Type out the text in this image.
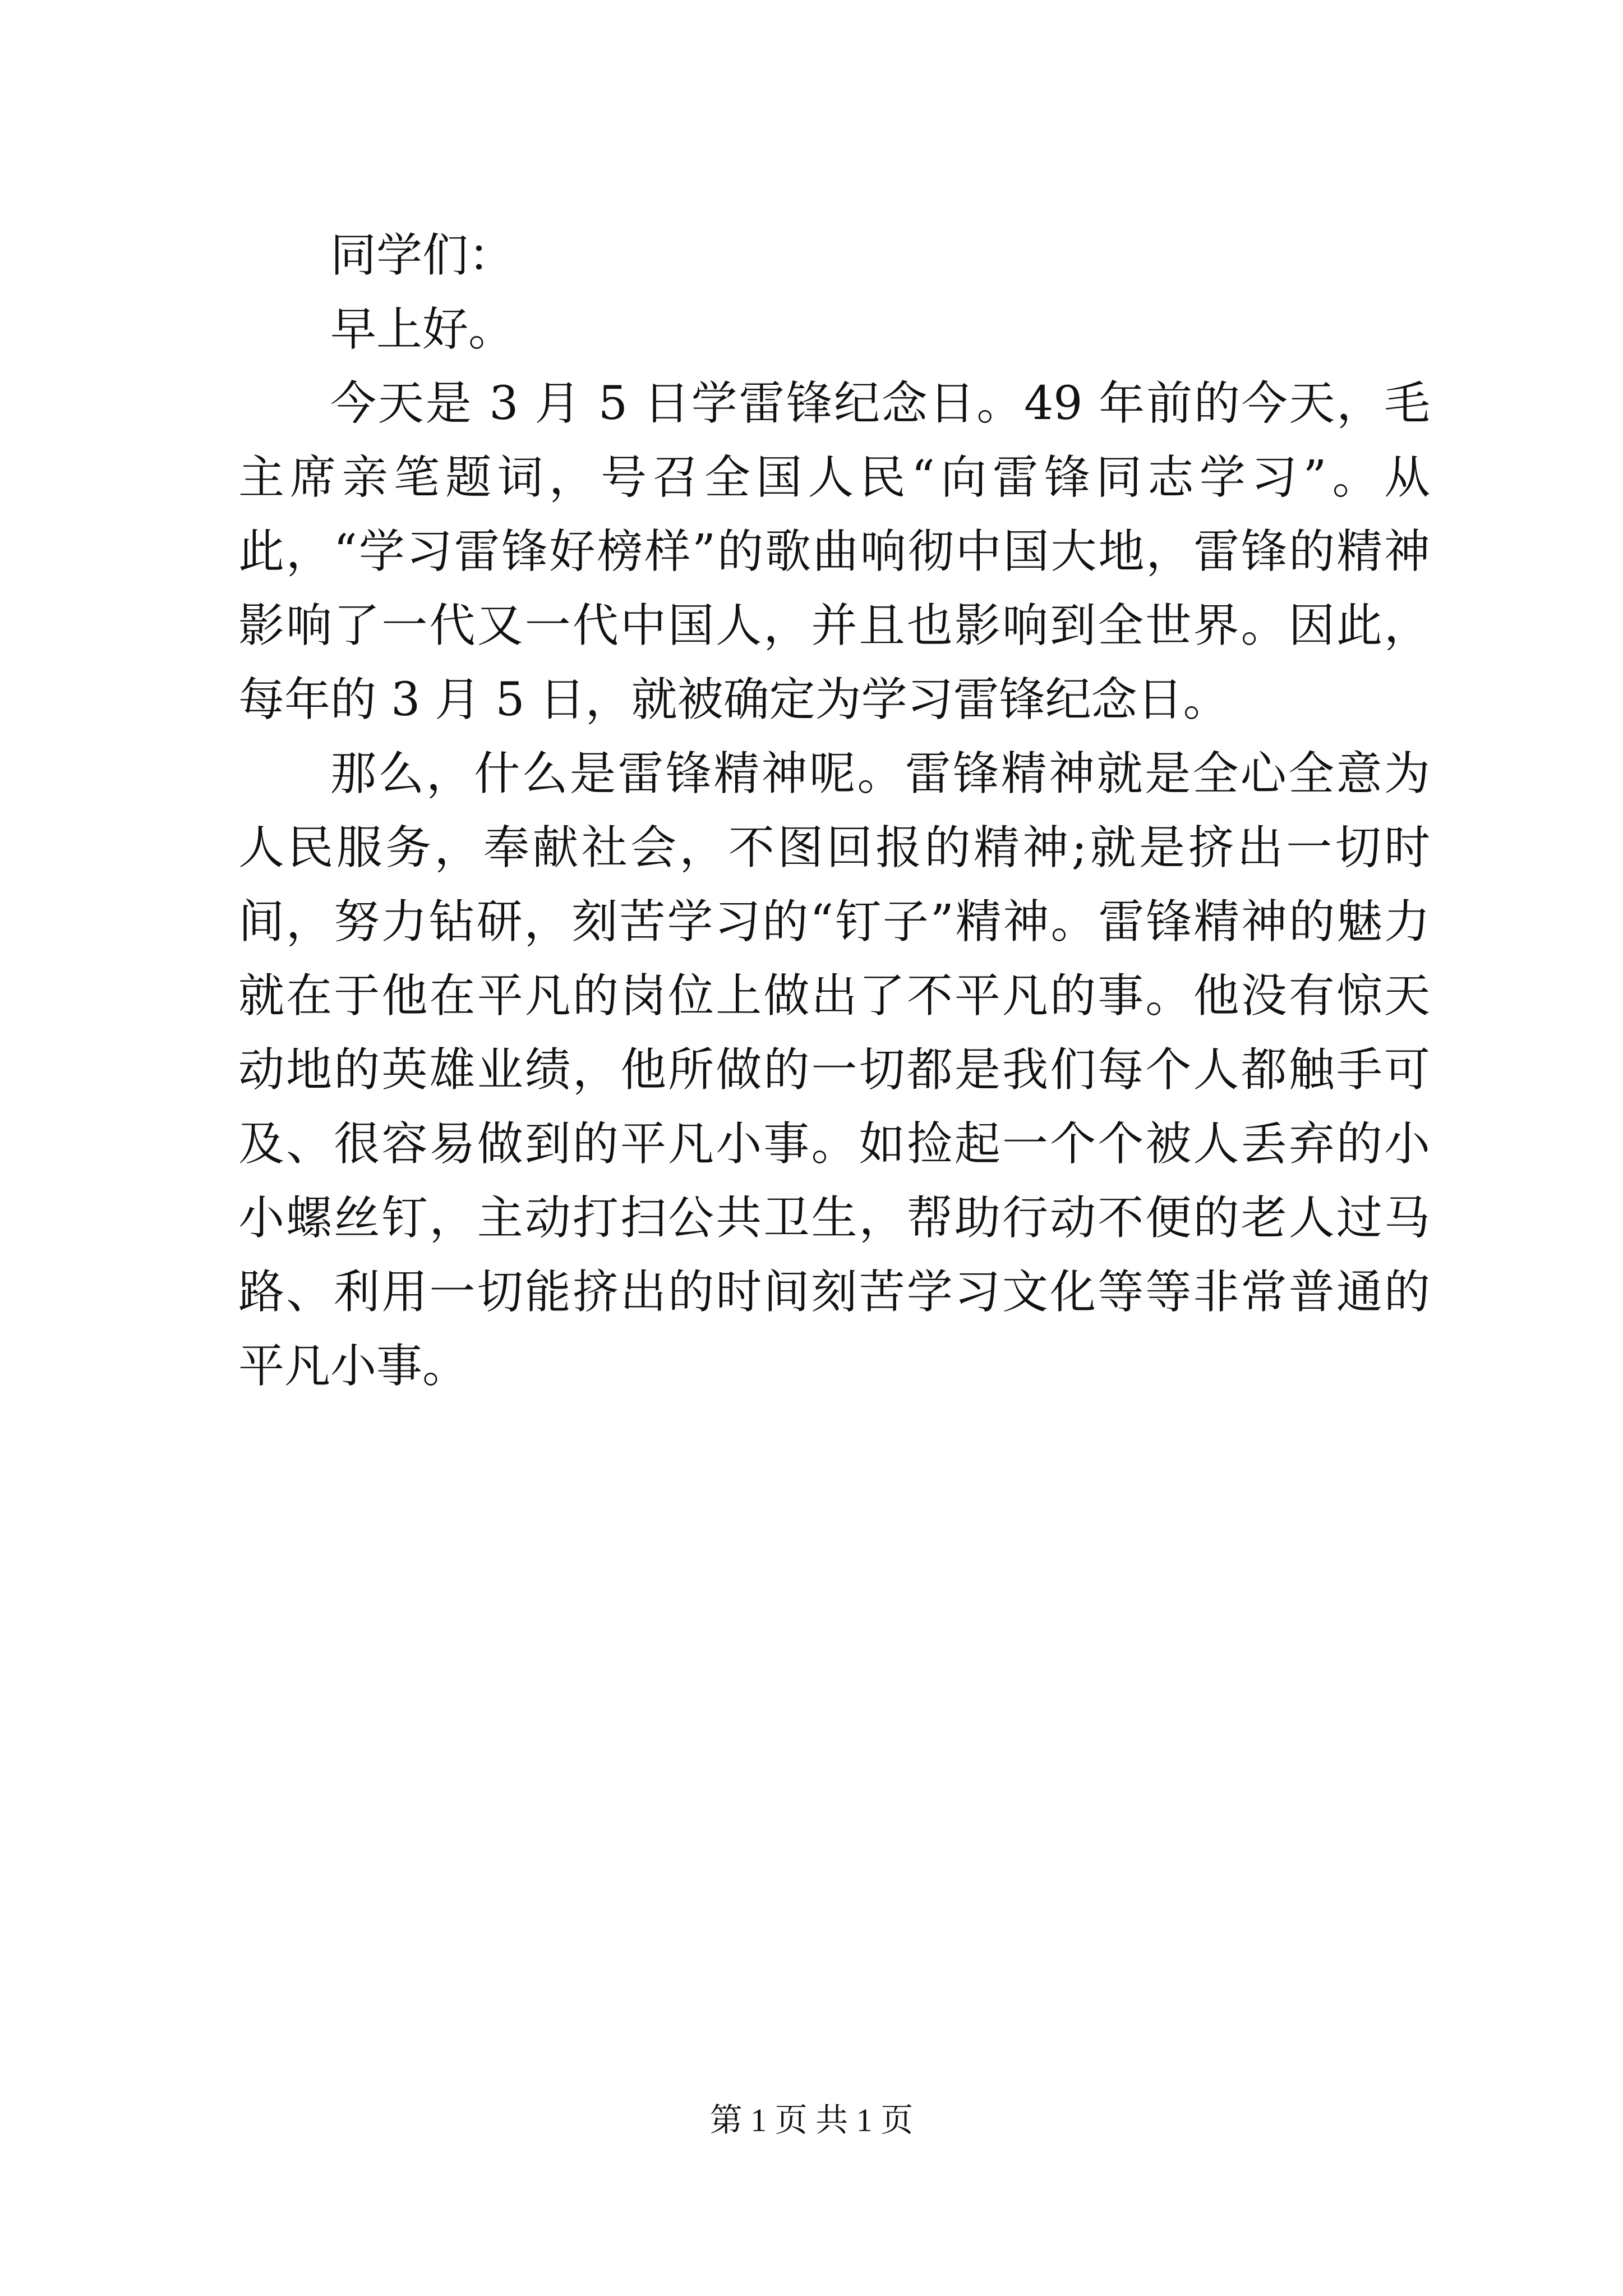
同学们：

早上好。

今天是 3 月 5 日学雷锋纪念日。49 年前的今天，毛主席亲笔题词，号召全国人民“向雷锋同志学习”。从此，“学习雷锋好榜样”的歌曲响彻中国大地，雷锋的精神影响了一代又一代中国人，并且也影响到全世界。因此，每年的 3 月 5 日，就被确定为学习雷锋纪念日。

那么，什么是雷锋精神呢。雷锋精神就是全心全意为人民服务，奉献社会，不图回报的精神;就是挤出一切时间，努力钻研，刻苦学习的“钉子”精神。雷锋精神的魅力就在于他在平凡的岗位上做出了不平凡的事。他没有惊天动地的英雄业绩，他所做的一切都是我们每个人都触手可及、很容易做到的平凡小事。如捡起一个个被人丢弃的小小螺丝钉，主动打扫公共卫生，帮助行动不便的老人过马路、利用一切能挤出的时间刻苦学习文化等等非常普通的平凡小事。

第 1 页 共 1 页
